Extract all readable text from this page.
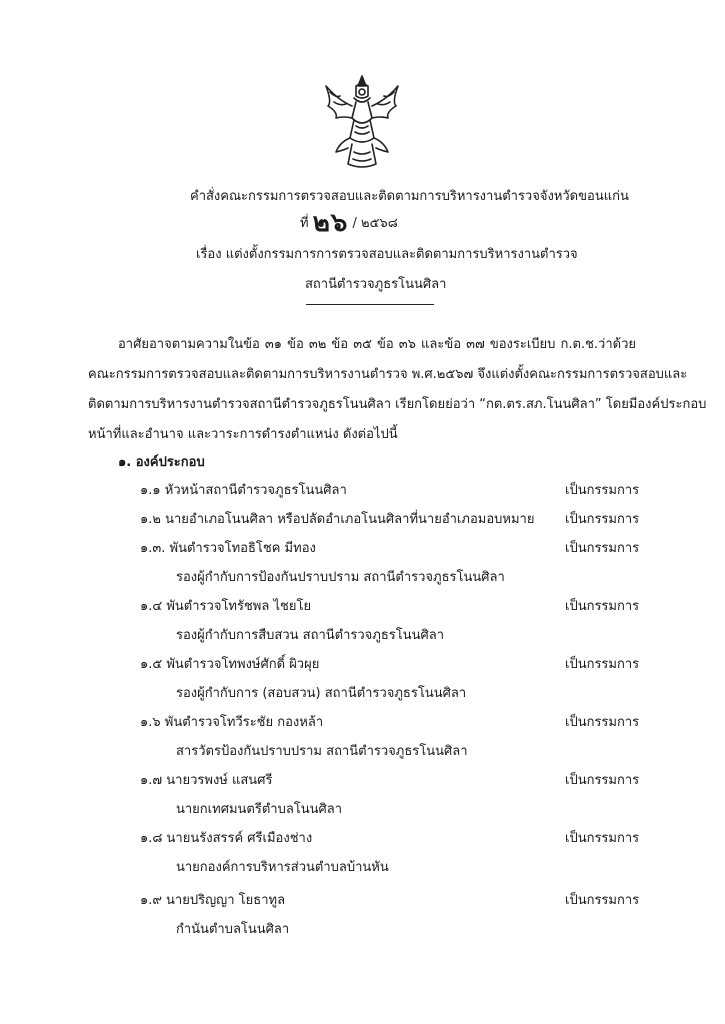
คำสั่งคณะกรรมการตรวจสอบและติดตามการบริหารงานตำรวจจังหวัดขอนแก่น
ที่ ๒๖ / ๒๕๖๘
เรื่อง แต่งตั้งกรรมการการตรวจสอบและติดตามการบริหารงานตำรวจ
สถานีตำรวจภูธรโนนศิลา
อาศัยอาจตามความในข้อ ๓๑ ข้อ ๓๒ ข้อ ๓๕ ข้อ ๓๖ และข้อ ๓๗ ของระเบียบ ก.ต.ช.ว่าด้วย
คณะกรรมการตรวจสอบและติดตามการบริหารงานตำรวจ พ.ศ.๒๕๖๗ จึงแต่งตั้งคณะกรรมการตรวจสอบและ
ติดตามการบริหารงานตำรวจสถานีตำรวจภูธรโนนศิลา เรียกโดยย่อว่า “กต.ตร.สภ.โนนศิลา” โดยมีองค์ประกอบ
หน้าที่และอำนาจ และวาระการดำรงตำแหน่ง ดังต่อไปนี้
๑. องค์ประกอบ
๑.๑ หัวหน้าสถานีตำรวจภูธรโนนศิลา	เป็นกรรมการ
๑.๒ นายอำเภอโนนศิลา หรือปลัดอำเภอโนนศิลาที่นายอำเภอมอบหมาย เป็นกรรมการ
๑.๓. พันตำรวจโทอธิโชค มีทอง	เป็นกรรมการ
รองผู้กำกับการป้องกันปราบปราม สถานีตำรวจภูธรโนนศิลา
๑.๔ พันตำรวจโทรัชพล ไชยโย	เป็นกรรมการ
รองผู้กำกับการสืบสวน สถานีตำรวจภูธรโนนศิลา
๑.๕ พันตำรวจโทพงษ์ศักดิ์ ผิวผุย	เป็นกรรมการ
รองผู้กำกับการ (สอบสวน) สถานีตำรวจภูธรโนนศิลา
๑.๖ พันตำรวจโทวีระชัย กองหล้า	เป็นกรรมการ
สารวัตรป้องกันปราบปราม สถานีตำรวจภูธรโนนศิลา
๑.๗ นายวรพงษ์ แสนศรี	เป็นกรรมการ
นายกเทศมนตรีตำบลโนนศิลา
๑.๘ นายนรังสรรค์ ศรีเมืองช่าง	เป็นกรรมการ
นายกองค์การบริหารส่วนตำบลบ้านหัน
๑.๙ นายปริญญา โยธาทูล	เป็นกรรมการ
กำนันตำบลโนนศิลา
